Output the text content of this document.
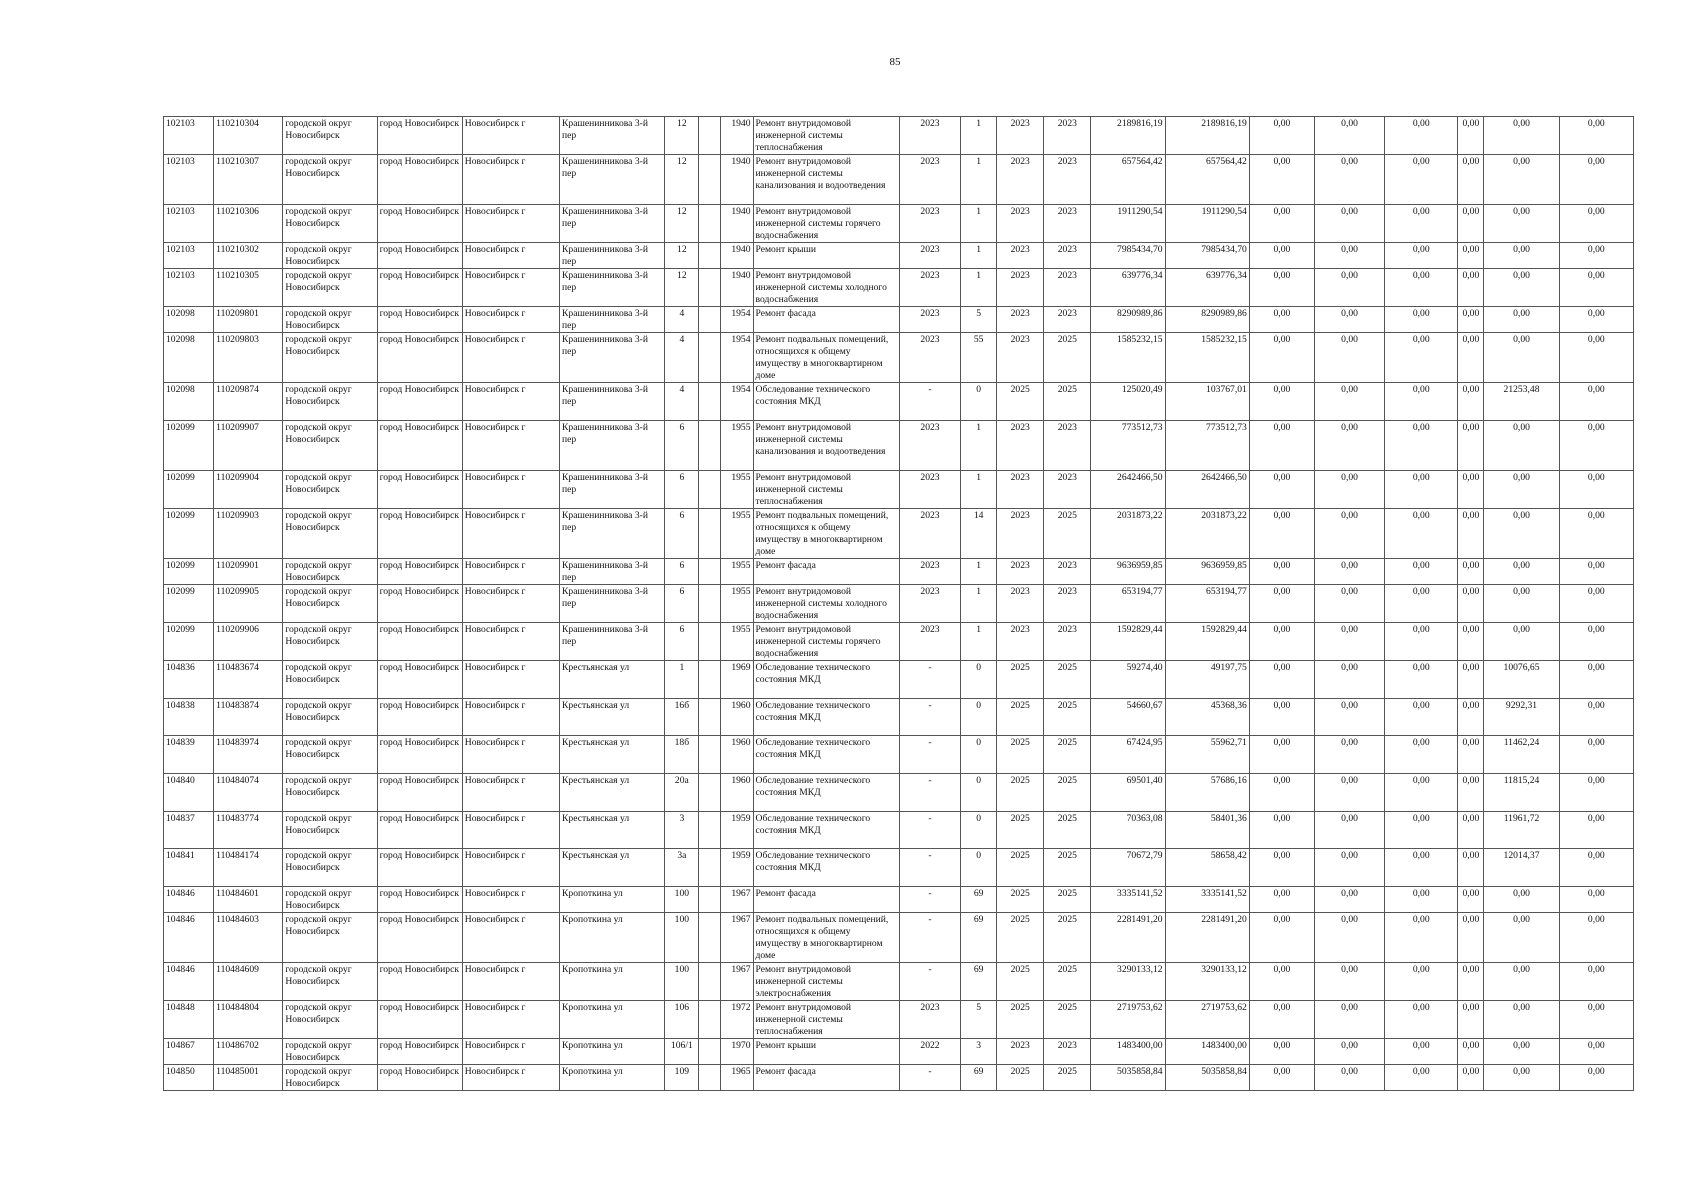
85
102103	110210304	городской округ Новосибирск	город Новосибирск	Новосибирск г	Крашенинникова 3-й пер	12		1940	Ремонт внутридомовой инженерной системы теплоснабжения	2023	1	2023	2023	2189816,19	2189816,19	0,00	0,00	0,00	0,00	0,00	0,00
102103	110210307	городской округ Новосибирск	город Новосибирск	Новосибирск г	Крашенинникова 3-й пер	12		1940	Ремонт внутридомовой инженерной системы канализования и водоотведения	2023	1	2023	2023	657564,42	657564,42	0,00	0,00	0,00	0,00	0,00	0,00
102103	110210306	городской округ Новосибирск	город Новосибирск	Новосибирск г	Крашенинникова 3-й пер	12		1940	Ремонт внутридомовой инженерной системы горячего водоснабжения	2023	1	2023	2023	1911290,54	1911290,54	0,00	0,00	0,00	0,00	0,00	0,00
102103	110210302	городской округ Новосибирск	город Новосибирск	Новосибирск г	Крашенинникова 3-й пер	12		1940	Ремонт крыши	2023	1	2023	2023	7985434,70	7985434,70	0,00	0,00	0,00	0,00	0,00	0,00
102103	110210305	городской округ Новосибирск	город Новосибирск	Новосибирск г	Крашенинникова 3-й пер	12		1940	Ремонт внутридомовой инженерной системы холодного водоснабжения	2023	1	2023	2023	639776,34	639776,34	0,00	0,00	0,00	0,00	0,00	0,00
102098	110209801	городской округ Новосибирск	город Новосибирск	Новосибирск г	Крашенинникова 3-й пер	4		1954	Ремонт фасада	2023	5	2023	2023	8290989,86	8290989,86	0,00	0,00	0,00	0,00	0,00	0,00
102098	110209803	городской округ Новосибирск	город Новосибирск	Новосибирск г	Крашенинникова 3-й пер	4		1954	Ремонт подвальных помещений, относящихся к общему имуществу в многоквартирном доме	2023	55	2023	2025	1585232,15	1585232,15	0,00	0,00	0,00	0,00	0,00	0,00
102098	110209874	городской округ Новосибирск	город Новосибирск	Новосибирск г	Крашенинникова 3-й пер	4		1954	Обследование технического состояния МКД	-	0	2025	2025	125020,49	103767,01	0,00	0,00	0,00	0,00	21253,48	0,00
102099	110209907	городской округ Новосибирск	город Новосибирск	Новосибирск г	Крашенинникова 3-й пер	6		1955	Ремонт внутридомовой инженерной системы канализования и водоотведения	2023	1	2023	2023	773512,73	773512,73	0,00	0,00	0,00	0,00	0,00	0,00
102099	110209904	городской округ Новосибирск	город Новосибирск	Новосибирск г	Крашенинникова 3-й пер	6		1955	Ремонт внутридомовой инженерной системы теплоснабжения	2023	1	2023	2023	2642466,50	2642466,50	0,00	0,00	0,00	0,00	0,00	0,00
102099	110209903	городской округ Новосибирск	город Новосибирск	Новосибирск г	Крашенинникова 3-й пер	6		1955	Ремонт подвальных помещений, относящихся к общему имуществу в многоквартирном доме	2023	14	2023	2025	2031873,22	2031873,22	0,00	0,00	0,00	0,00	0,00	0,00
102099	110209901	городской округ Новосибирск	город Новосибирск	Новосибирск г	Крашенинникова 3-й пер	6		1955	Ремонт фасада	2023	1	2023	2023	9636959,85	9636959,85	0,00	0,00	0,00	0,00	0,00	0,00
102099	110209905	городской округ Новосибирск	город Новосибирск	Новосибирск г	Крашенинникова 3-й пер	6		1955	Ремонт внутридомовой инженерной системы холодного водоснабжения	2023	1	2023	2023	653194,77	653194,77	0,00	0,00	0,00	0,00	0,00	0,00
102099	110209906	городской округ Новосибирск	город Новосибирск	Новосибирск г	Крашенинникова 3-й пер	6		1955	Ремонт внутридомовой инженерной системы горячего водоснабжения	2023	1	2023	2023	1592829,44	1592829,44	0,00	0,00	0,00	0,00	0,00	0,00
104836	110483674	городской округ Новосибирск	город Новосибирск	Новосибирск г	Крестьянская ул	1		1969	Обследование технического состояния МКД	-	0	2025	2025	59274,40	49197,75	0,00	0,00	0,00	0,00	10076,65	0,00
104838	110483874	городской округ Новосибирск	город Новосибирск	Новосибирск г	Крестьянская ул	16б		1960	Обследование технического состояния МКД	-	0	2025	2025	54660,67	45368,36	0,00	0,00	0,00	0,00	9292,31	0,00
104839	110483974	городской округ Новосибирск	город Новосибирск	Новосибирск г	Крестьянская ул	18б		1960	Обследование технического состояния МКД	-	0	2025	2025	67424,95	55962,71	0,00	0,00	0,00	0,00	11462,24	0,00
104840	110484074	городской округ Новосибирск	город Новосибирск	Новосибирск г	Крестьянская ул	20а		1960	Обследование технического состояния МКД	-	0	2025	2025	69501,40	57686,16	0,00	0,00	0,00	0,00	11815,24	0,00
104837	110483774	городской округ Новосибирск	город Новосибирск	Новосибирск г	Крестьянская ул	3		1959	Обследование технического состояния МКД	-	0	2025	2025	70363,08	58401,36	0,00	0,00	0,00	0,00	11961,72	0,00
104841	110484174	городской округ Новосибирск	город Новосибирск	Новосибирск г	Крестьянская ул	3а		1959	Обследование технического состояния МКД	-	0	2025	2025	70672,79	58658,42	0,00	0,00	0,00	0,00	12014,37	0,00
104846	110484601	городской округ Новосибирск	город Новосибирск	Новосибирск г	Кропоткина ул	100		1967	Ремонт фасада	-	69	2025	2025	3335141,52	3335141,52	0,00	0,00	0,00	0,00	0,00	0,00
104846	110484603	городской округ Новосибирск	город Новосибирск	Новосибирск г	Кропоткина ул	100		1967	Ремонт подвальных помещений, относящихся к общему имуществу в многоквартирном доме	-	69	2025	2025	2281491,20	2281491,20	0,00	0,00	0,00	0,00	0,00	0,00
104846	110484609	городской округ Новосибирск	город Новосибирск	Новосибирск г	Кропоткина ул	100		1967	Ремонт внутридомовой инженерной системы электроснабжения	-	69	2025	2025	3290133,12	3290133,12	0,00	0,00	0,00	0,00	0,00	0,00
104848	110484804	городской округ Новосибирск	город Новосибирск	Новосибирск г	Кропоткина ул	106		1972	Ремонт внутридомовой инженерной системы теплоснабжения	2023	5	2025	2025	2719753,62	2719753,62	0,00	0,00	0,00	0,00	0,00	0,00
104867	110486702	городской округ Новосибирск	город Новосибирск	Новосибирск г	Кропоткина ул	106/1		1970	Ремонт крыши	2022	3	2023	2023	1483400,00	1483400,00	0,00	0,00	0,00	0,00	0,00	0,00
104850	110485001	городской округ Новосибирск	город Новосибирск	Новосибирск г	Кропоткина ул	109		1965	Ремонт фасада	-	69	2025	2025	5035858,84	5035858,84	0,00	0,00	0,00	0,00	0,00	0,00
